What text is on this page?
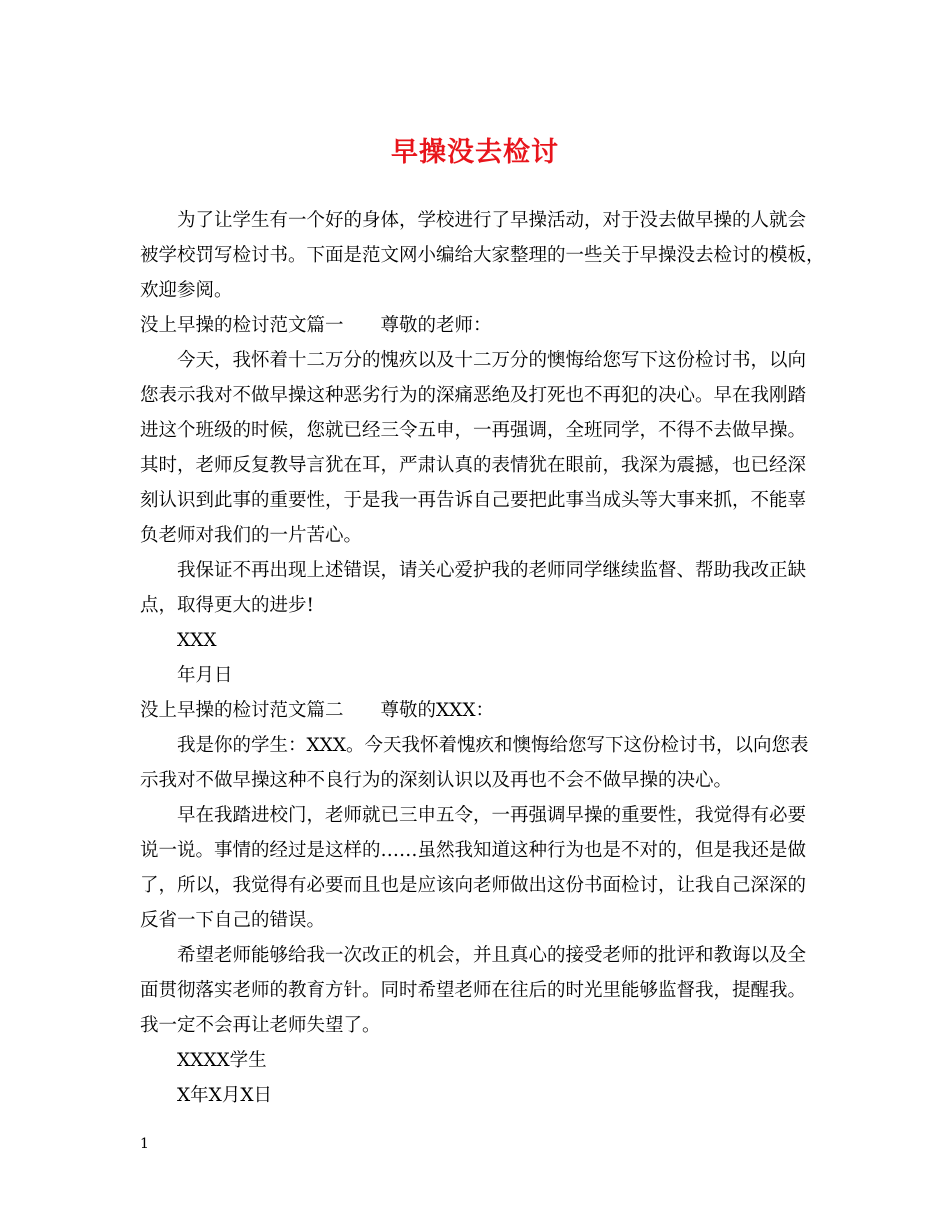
早操没去检讨

为了让学生有一个好的身体，学校进行了早操活动，对于没去做早操的人就会

被学校罚写检讨书。下面是范文网小编给大家整理的一些关于早操没去检讨的模板，

欢迎参阅。

没上早操的检讨范文篇一 尊敬的老师：

今天，我怀着十二万分的愧疚以及十二万分的懊悔给您写下这份检讨书，以向

您表示我对不做早操这种恶劣行为的深痛恶绝及打死也不再犯的决心。早在我刚踏

进这个班级的时候，您就已经三令五申，一再强调，全班同学，不得不去做早操。

其时，老师反复教导言犹在耳，严肃认真的表情犹在眼前，我深为震撼，也已经深

刻认识到此事的重要性，于是我一再告诉自己要把此事当成头等大事来抓，不能辜

负老师对我们的一片苦心。

我保证不再出现上述错误，请关心爱护我的老师同学继续监督、帮助我改正缺

点，取得更大的进步!

XXX

年月日

没上早操的检讨范文篇二 尊敬的XXX：

我是你的学生：XXX。今天我怀着愧疚和懊悔给您写下这份检讨书，以向您表

示我对不做早操这种不良行为的深刻认识以及再也不会不做早操的决心。

早在我踏进校门，老师就已三申五令，一再强调早操的重要性，我觉得有必要

说一说。事情的经过是这样的……虽然我知道这种行为也是不对的，但是我还是做

了，所以，我觉得有必要而且也是应该向老师做出这份书面检讨，让我自己深深的

反省一下自己的错误。

希望老师能够给我一次改正的机会，并且真心的接受老师的批评和教诲以及全

面贯彻落实老师的教育方针。同时希望老师在往后的时光里能够监督我，提醒我。

我一定不会再让老师失望了。

XXXX学生

X年X月X日

1
